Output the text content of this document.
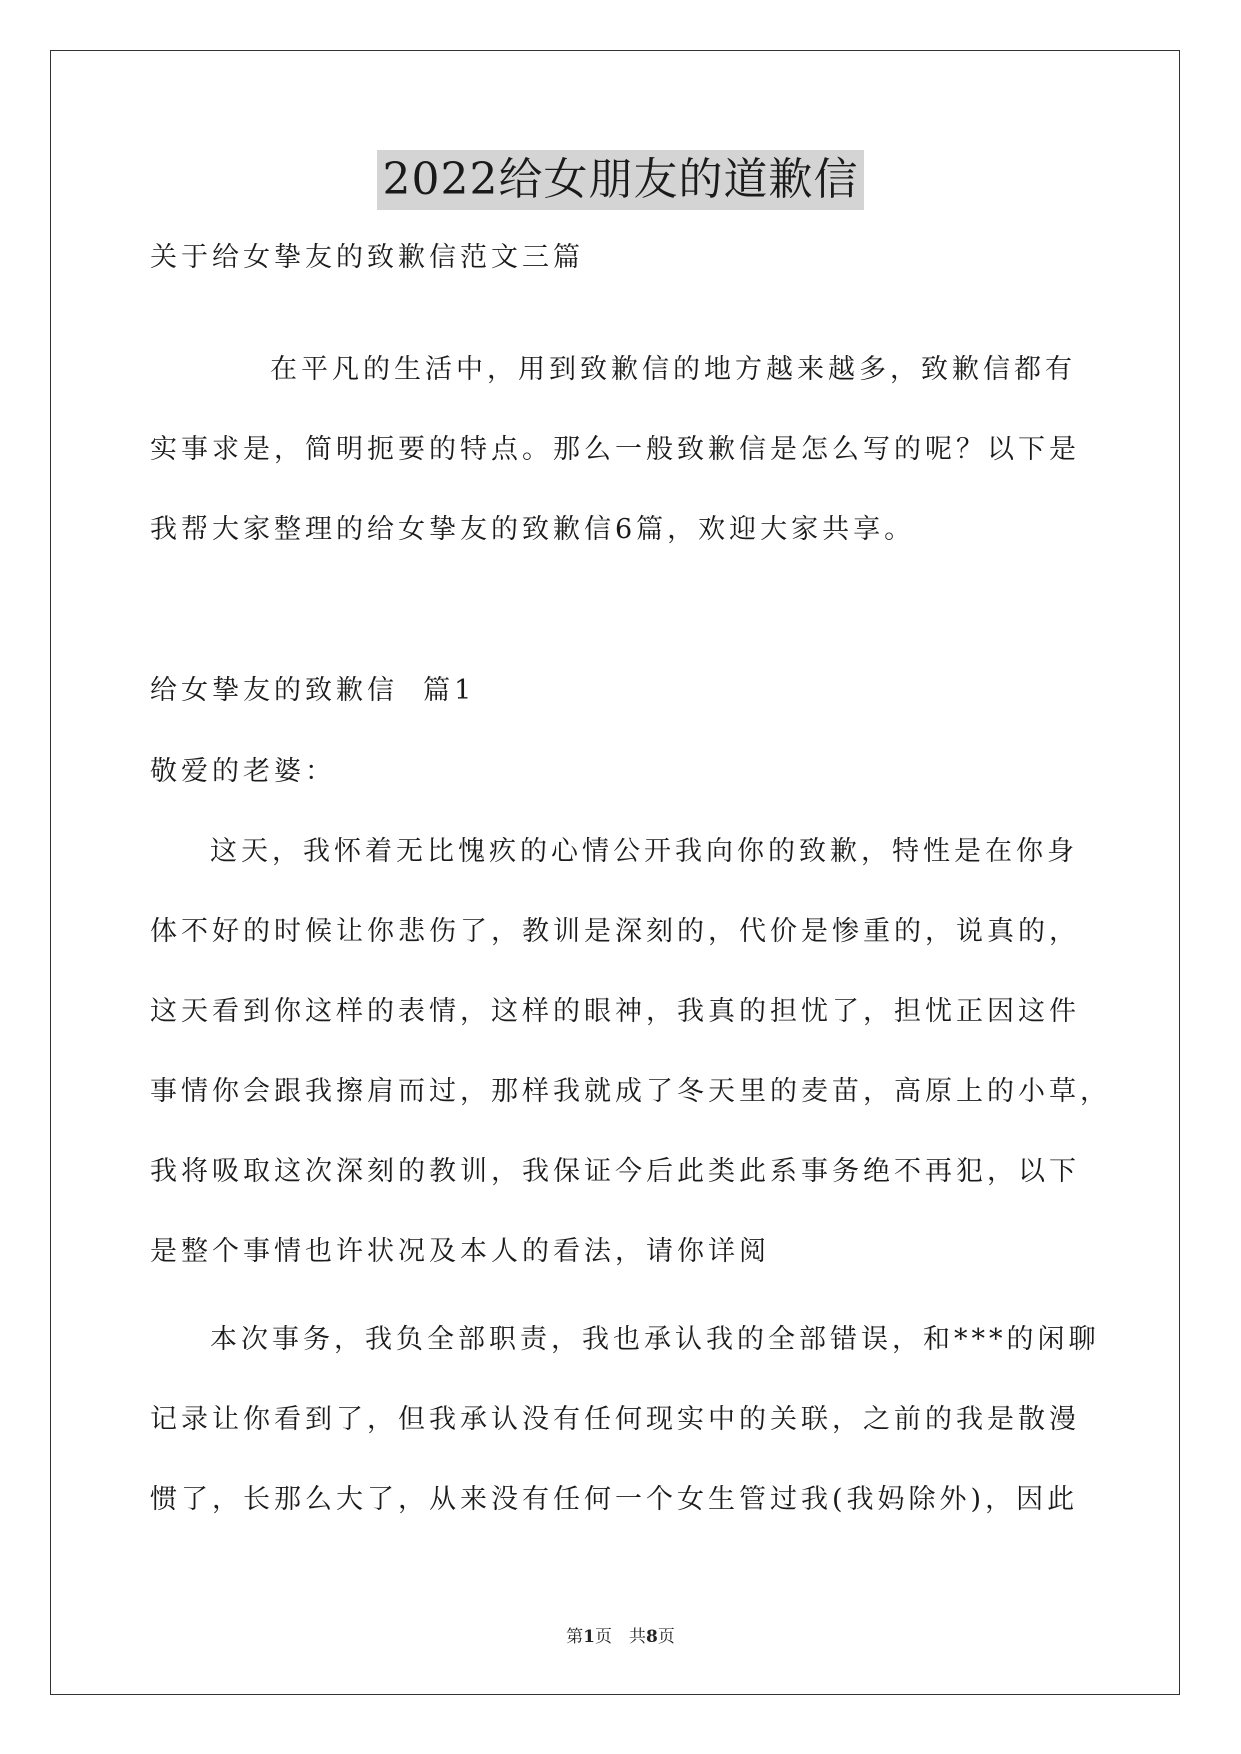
2022给女朋友的道歉信
关于给女挚友的致歉信范文三篇
在平凡的生活中，用到致歉信的地方越来越多，致歉信都有
实事求是，简明扼要的特点。那么一般致歉信是怎么写的呢？以下是
我帮大家整理的给女挚友的致歉信6篇，欢迎大家共享。
给女挚友的致歉信  篇1
敬爱的老婆：
这天，我怀着无比愧疚的心情公开我向你的致歉，特性是在你身
体不好的时候让你悲伤了，教训是深刻的，代价是惨重的，说真的，
这天看到你这样的表情，这样的眼神，我真的担忧了，担忧正因这件
事情你会跟我擦肩而过，那样我就成了冬天里的麦苗，高原上的小草，
我将吸取这次深刻的教训，我保证今后此类此系事务绝不再犯，以下
是整个事情也许状况及本人的看法，请你详阅
本次事务，我负全部职责，我也承认我的全部错误，和***的闲聊
记录让你看到了，但我承认没有任何现实中的关联，之前的我是散漫
惯了，长那么大了，从来没有任何一个女生管过我(我妈除外)，因此
第1页　共8页
